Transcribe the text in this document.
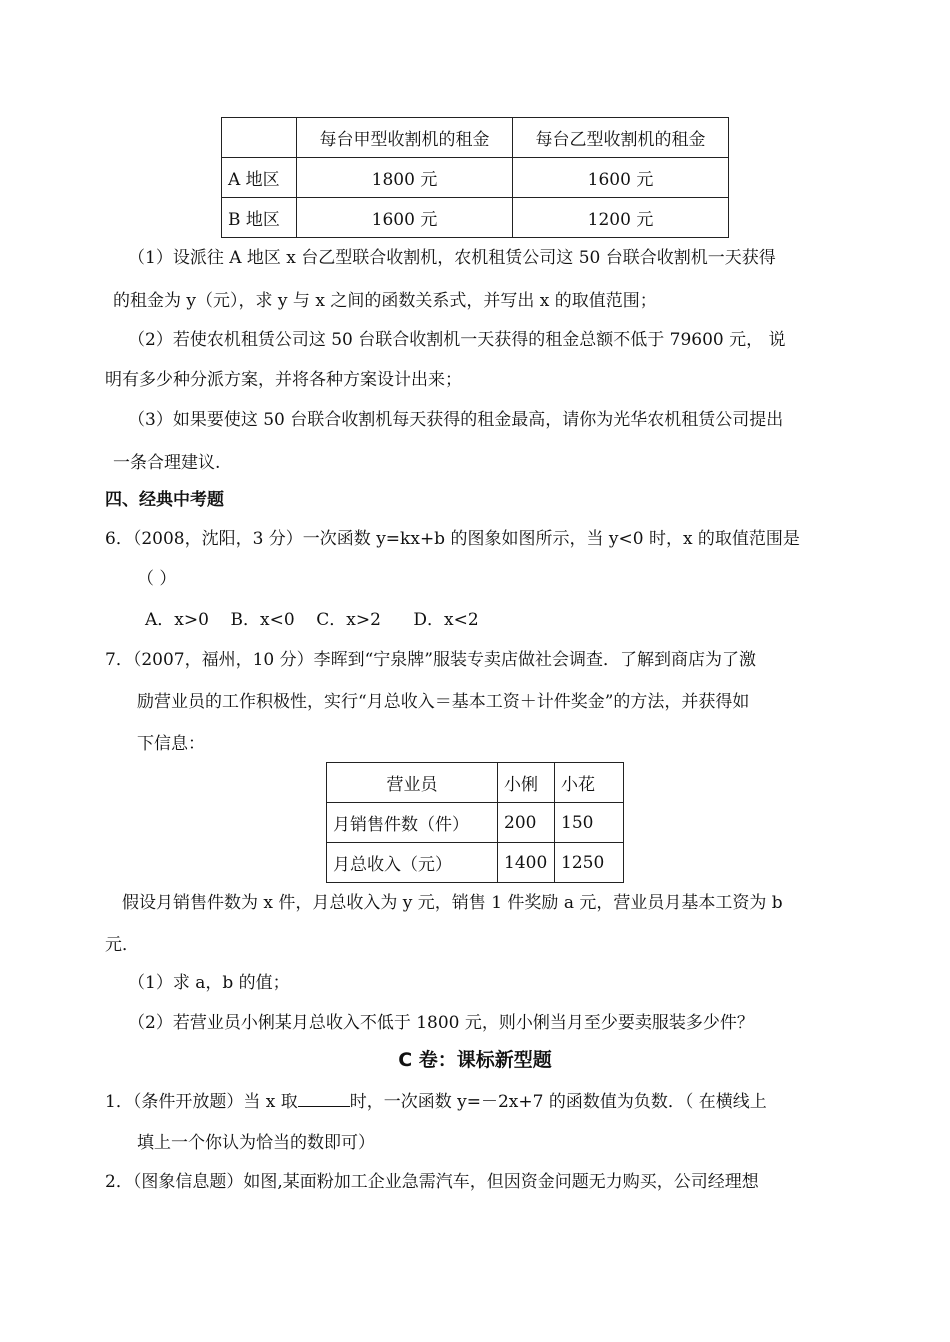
	每台甲型收割机的租金	每台乙型收割机的租金
A 地区	1800 元	1600 元
B 地区	1600 元	1200 元
（1）设派往 A 地区 x 台乙型联合收割机，农机租赁公司这 50 台联合收割机一天获得
的租金为 y（元），求 y 与 x 之间的函数关系式，并写出 x 的取值范围；
（2）若使农机租赁公司这 50 台联合收割机一天获得的租金总额不低于 79600 元， 说
明有多少种分派方案，并将各种方案设计出来；
（3）如果要使这 50 台联合收割机每天获得的租金最高，请你为光华农机租赁公司提出
一条合理建议.
四、经典中考题
6．（2008，沈阳，3 分）一次函数 y=kx+b 的图象如图所示，当 y<0 时，x 的取值范围是
（ ）
A．x>0    B．x<0    C．x>2      D．x<2
7．（2007，福州，10 分）李晖到“宁泉牌”服装专卖店做社会调查．了解到商店为了激
励营业员的工作积极性，实行“月总收入＝基本工资＋计件奖金”的方法，并获得如
下信息：
营业员	小俐	小花
月销售件数（件）	200	150
月总收入（元）	1400	1250
假设月销售件数为 x 件，月总收入为 y 元，销售 1 件奖励 a 元，营业员月基本工资为 b
元．
（1）求 a，b 的值；
（2）若营业员小俐某月总收入不低于 1800 元，则小俐当月至少要卖服装多少件？
C 卷：课标新型题
1．（条件开放题）当 x 取	时，一次函数 y=－2x+7 的函数值为负数．（ 在横线上
填上一个你认为恰当的数即可）
2．（图象信息题）如图,某面粉加工企业急需汽车，但因资金问题无力购买，公司经理想
